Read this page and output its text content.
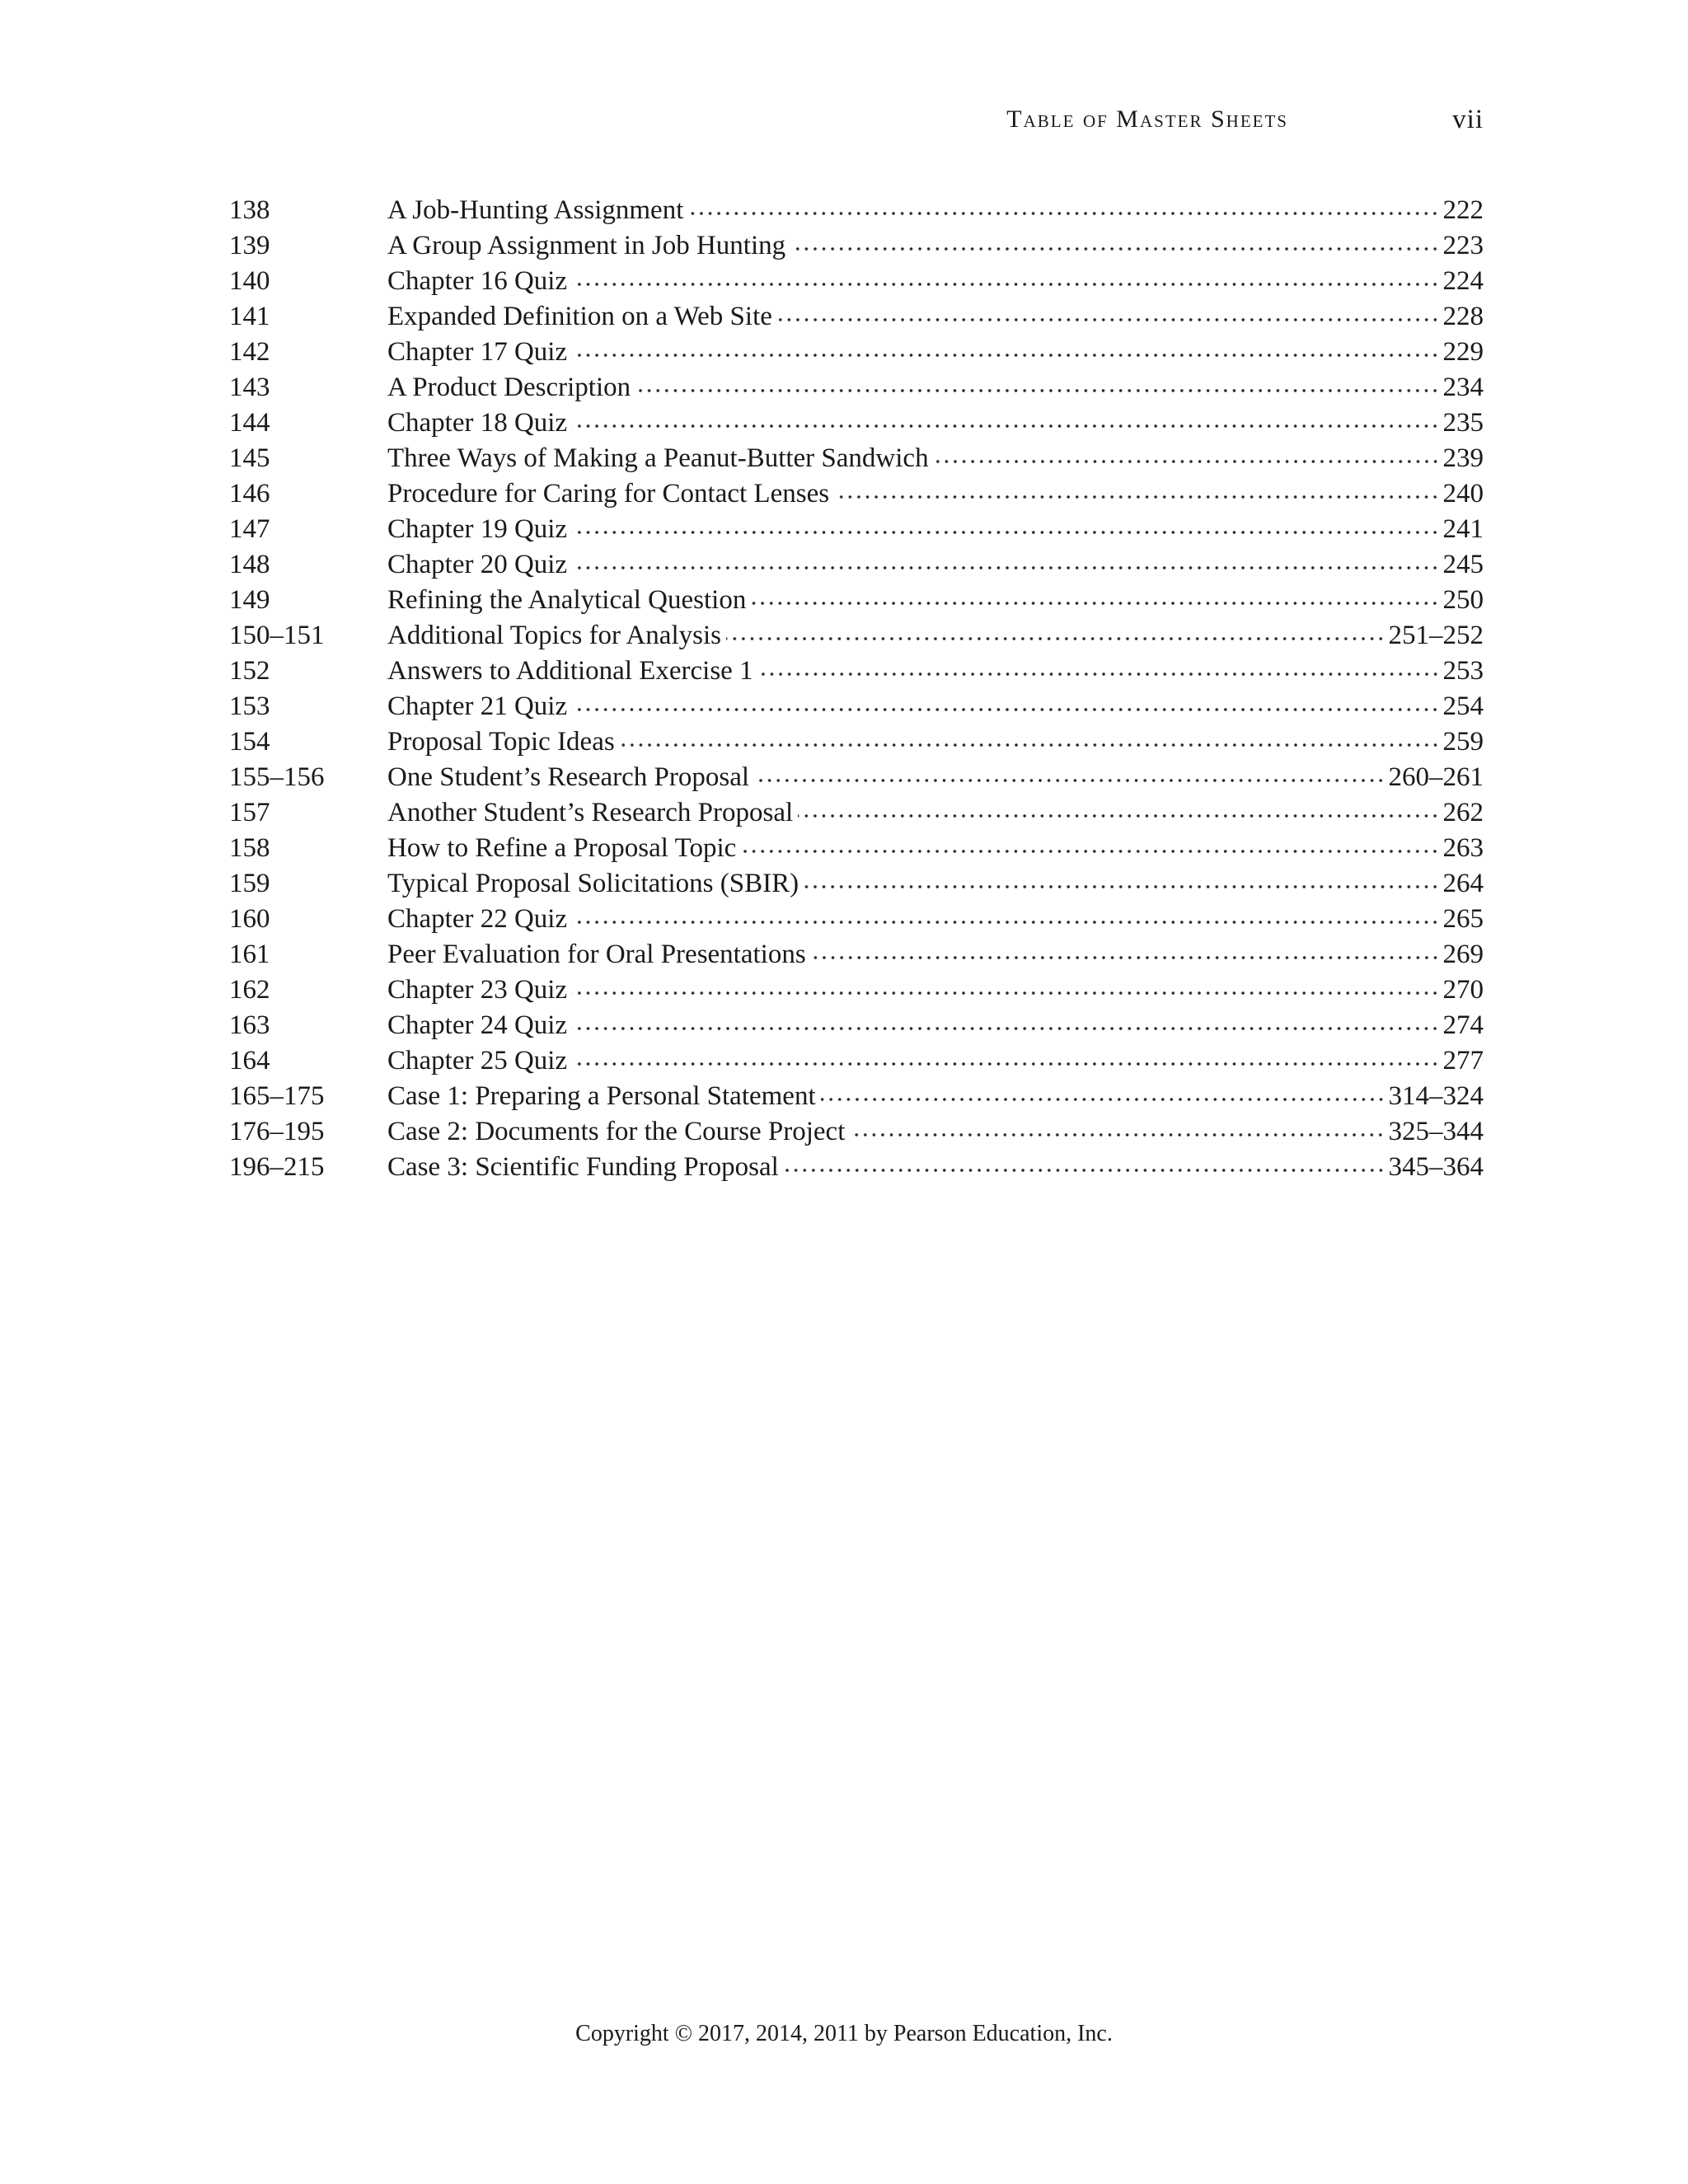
Table of Master Sheets	vii
138	A Job-Hunting Assignment	222
139	A Group Assignment in Job Hunting	223
140	Chapter 16 Quiz	224
141	Expanded Definition on a Web Site	228
142	Chapter 17 Quiz	229
143	A Product Description	234
144	Chapter 18 Quiz	235
145	Three Ways of Making a Peanut-Butter Sandwich	239
146	Procedure for Caring for Contact Lenses	240
147	Chapter 19 Quiz	241
148	Chapter 20 Quiz	245
149	Refining the Analytical Question	250
150–151	Additional Topics for Analysis	251–252
152	Answers to Additional Exercise 1	253
153	Chapter 21 Quiz	254
154	Proposal Topic Ideas	259
155–156	One Student’s Research Proposal	260–261
157	Another Student’s Research Proposal	262
158	How to Refine a Proposal Topic	263
159	Typical Proposal Solicitations (SBIR)	264
160	Chapter 22 Quiz	265
161	Peer Evaluation for Oral Presentations	269
162	Chapter 23 Quiz	270
163	Chapter 24 Quiz	274
164	Chapter 25 Quiz	277
165–175	Case 1: Preparing a Personal Statement	314–324
176–195	Case 2: Documents for the Course Project	325–344
196–215	Case 3: Scientific Funding Proposal	345–364
Copyright © 2017, 2014, 2011 by Pearson Education, Inc.
